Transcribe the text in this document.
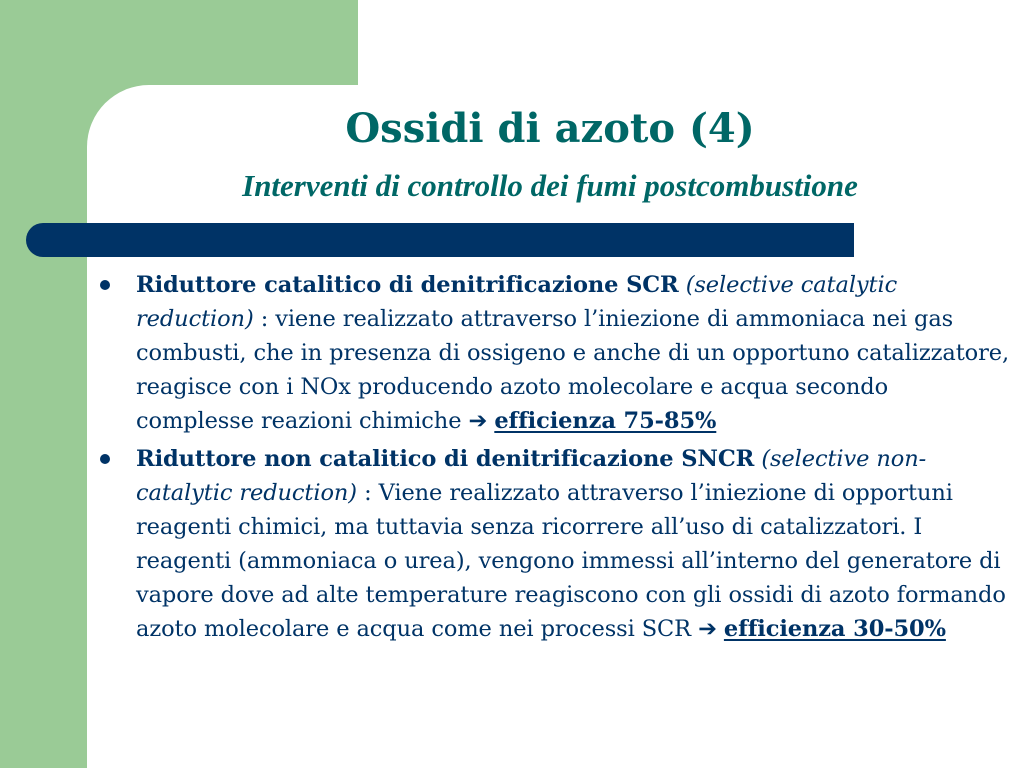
Ossidi di azoto (4)
Interventi di controllo dei fumi postcombustione
Riduttore catalitico di denitrificazione SCR (selective catalytic reduction) : viene realizzato attraverso l’iniezione di ammoniaca nei gas combusti, che in presenza di ossigeno e anche di un opportuno catalizzatore, reagisce con i NOx producendo azoto molecolare e acqua secondo complesse reazioni chimiche ➔ efficienza 75-85%
Riduttore non catalitico di denitrificazione SNCR (selective non-catalytic reduction) : Viene realizzato attraverso l’iniezione di opportuni reagenti chimici, ma tuttavia senza ricorrere all’uso di catalizzatori. I reagenti (ammoniaca o urea), vengono immessi all’interno del generatore di vapore dove ad alte temperature reagiscono con gli ossidi di azoto formando azoto molecolare e acqua come nei processi SCR ➔ efficienza 30-50%
